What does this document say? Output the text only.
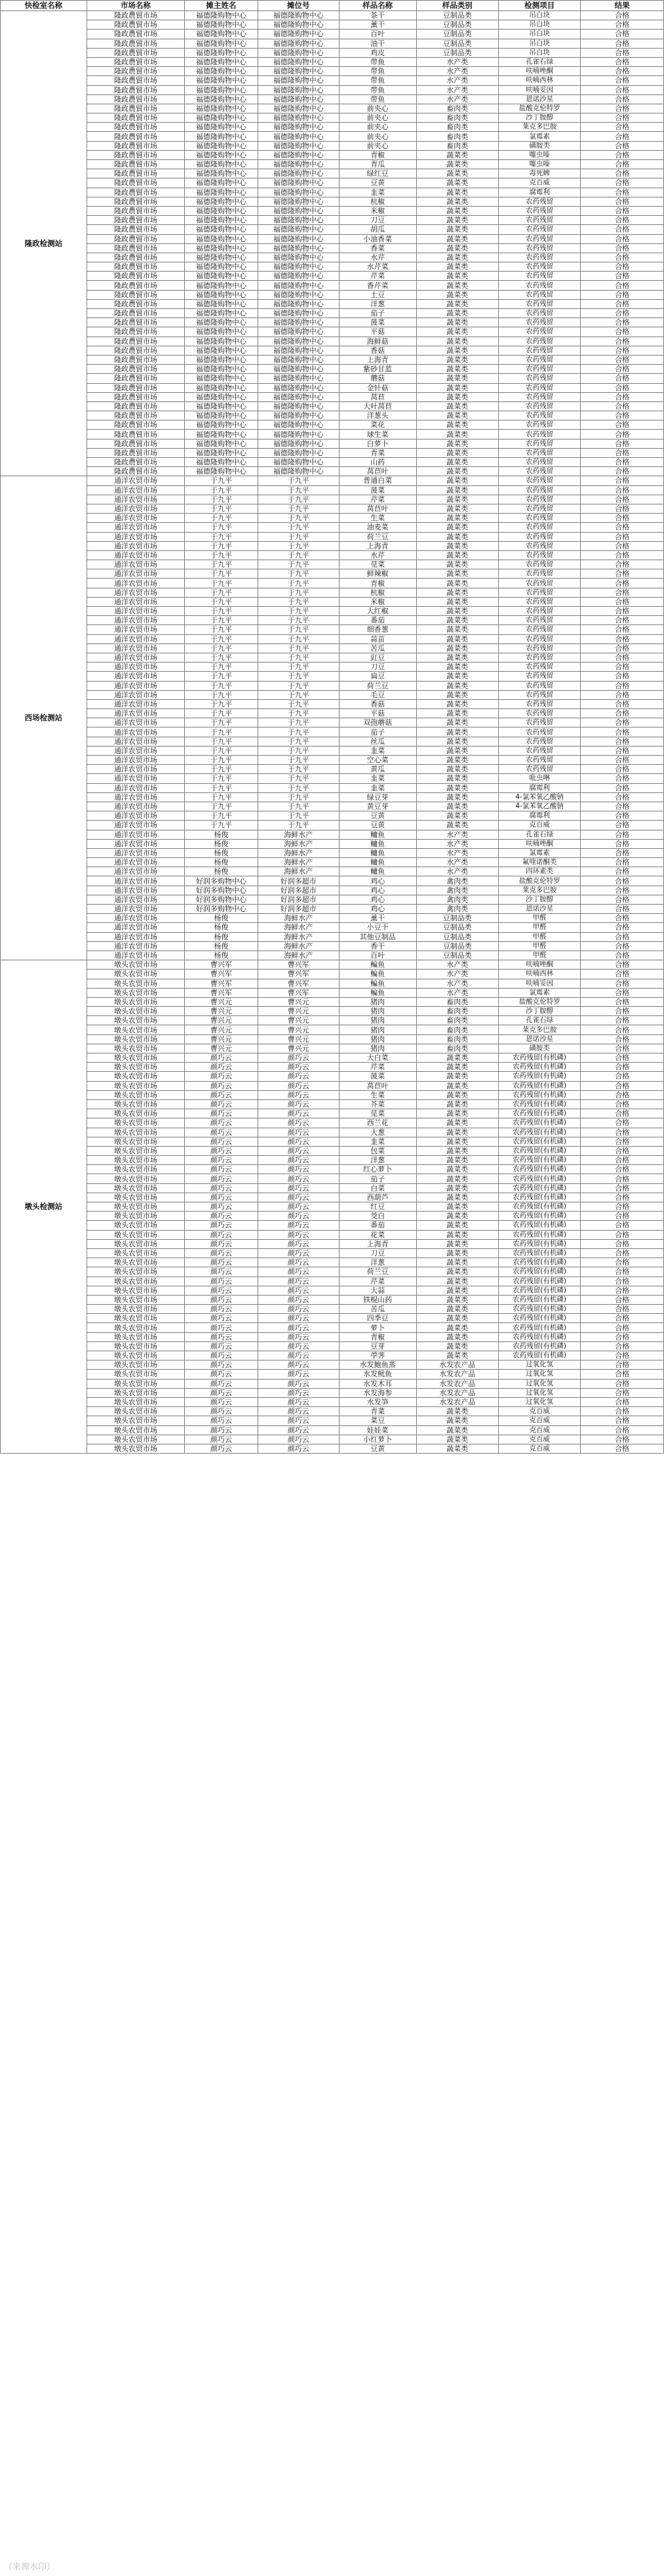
快检室名称	市场名称	摊主姓名	摊位号	样品名称	样品类别	检测项目	结果
隆政检测站	隆政農貿市场	福德隆购物中心	福德隆购物中心	茶干	豆制品类	吊白块	合格
	隆政農貿市场	福德隆购物中心	福德隆购物中心	薰干	豆制品类	吊白块	合格
	隆政農貿市场	福德隆购物中心	福德隆购物中心	百叶	豆制品类	吊白块	合格
	隆政農貿市场	福德隆购物中心	福德隆购物中心	油干	豆制品类	吊白块	合格
	隆政農貿市场	福德隆购物中心	福德隆购物中心	鸡皮	豆制品类	吊白块	合格
	隆政農貿市场	福德隆购物中心	福德隆购物中心	带鱼	水产类	孔雀石绿	合格
	隆政農貿市场	福德隆购物中心	福德隆购物中心	带鱼	水产类	呋喃唑酮	合格
	隆政農貿市场	福德隆购物中心	福德隆购物中心	带鱼	水产类	呋喃西林	合格
	隆政農貿市场	福德隆购物中心	福德隆购物中心	带鱼	水产类	呋喃妥因	合格
	隆政農貿市场	福德隆购物中心	福德隆购物中心	带鱼	水产类	恩诺沙星	合格
	隆政農貿市场	福德隆购物中心	福德隆购物中心	前夹心	畜肉类	盐酸克伦特罗	合格
	隆政農貿市场	福德隆购物中心	福德隆购物中心	前夹心	畜肉类	沙丁胺醇	合格
	隆政農貿市场	福德隆购物中心	福德隆购物中心	前夹心	畜肉类	莱克多巴胺	合格
	隆政農貿市场	福德隆购物中心	福德隆购物中心	前夹心	畜肉类	氯霉素	合格
	隆政農貿市场	福德隆购物中心	福德隆购物中心	前夹心	畜肉类	磺胺类	合格
	隆政農貿市场	福德隆购物中心	福德隆购物中心	青椒	蔬菜类	噻虫嗪	合格
	隆政農貿市场	福德隆购物中心	福德隆购物中心	青瓜	蔬菜类	噻虫嗪	合格
	隆政農貿市场	福德隆购物中心	福德隆购物中心	绿红豆	蔬菜类	毒死蜱	合格
	隆政農貿市场	福德隆购物中心	福德隆购物中心	豆黄	蔬菜类	克百威	合格
	隆政農貿市场	福德隆购物中心	福德隆购物中心	韭菜	蔬菜类	腐霉利	合格
	隆政農貿市场	福德隆购物中心	福德隆购物中心	杭椒	蔬菜类	农药残留	合格
	隆政農貿市场	福德隆购物中心	福德隆购物中心	米椒	蔬菜类	农药残留	合格
	隆政農貿市场	福德隆购物中心	福德隆购物中心	刀豆	蔬菜类	农药残留	合格
	隆政農貿市场	福德隆购物中心	福德隆购物中心	胡瓜	蔬菜类	农药残留	合格
	隆政農貿市场	福德隆购物中心	福德隆购物中心	小油香菜	蔬菜类	农药残留	合格
	隆政農貿市场	福德隆购物中心	福德隆购物中心	香菜	蔬菜类	农药残留	合格
	隆政農貿市场	福德隆购物中心	福德隆购物中心	水芹	蔬菜类	农药残留	合格
	隆政農貿市场	福德隆购物中心	福德隆购物中心	水芹菜	蔬菜类	农药残留	合格
	隆政農貿市场	福德隆购物中心	福德隆购物中心	芹菜	蔬菜类	农药残留	合格
	隆政農貿市场	福德隆购物中心	福德隆购物中心	香芹菜	蔬菜类	农药残留	合格
	隆政農貿市场	福德隆购物中心	福德隆购物中心	土豆	蔬菜类	农药残留	合格
	隆政農貿市场	福德隆购物中心	福德隆购物中心	洋葱	蔬菜类	农药残留	合格
	隆政農貿市场	福德隆购物中心	福德隆购物中心	茄子	蔬菜类	农药残留	合格
	隆政農貿市场	福德隆购物中心	福德隆购物中心	菠菜	蔬菜类	农药残留	合格
	隆政農貿市场	福德隆购物中心	福德隆购物中心	平菇	蔬菜类	农药残留	合格
	隆政農貿市场	福德隆购物中心	福德隆购物中心	海鲜菇	蔬菜类	农药残留	合格
	隆政農貿市场	福德隆购物中心	福德隆购物中心	香菇	蔬菜类	农药残留	合格
	隆政農貿市场	福德隆购物中心	福德隆购物中心	上海青	蔬菜类	农药残留	合格
	隆政農貿市场	福德隆购物中心	福德隆购物中心	紫砂甘蓝	蔬菜类	农药残留	合格
	隆政農貿市场	福德隆购物中心	福德隆购物中心	蘑菇	蔬菜类	农药残留	合格
	隆政農貿市场	福德隆购物中心	福德隆购物中心	金针菇	蔬菜类	农药残留	合格
	隆政農貿市场	福德隆购物中心	福德隆购物中心	莴苣	蔬菜类	农药残留	合格
	隆政農貿市场	福德隆购物中心	福德隆购物中心	大叶莴苣	蔬菜类	农药残留	合格
	隆政農貿市场	福德隆购物中心	福德隆购物中心	洋葱头	蔬菜类	农药残留	合格
	隆政農貿市场	福德隆购物中心	福德隆购物中心	菜花	蔬菜类	农药残留	合格
	隆政農貿市场	福德隆购物中心	福德隆购物中心	球生菜	蔬菜类	农药残留	合格
	隆政農貿市场	福德隆购物中心	福德隆购物中心	白萝卜	蔬菜类	农药残留	合格
	隆政農貿市场	福德隆购物中心	福德隆购物中心	青菜	蔬菜类	农药残留	合格
	隆政農貿市场	福德隆购物中心	福德隆购物中心	山药	蔬菜类	农药残留	合格
	隆政農貿市场	福德隆购物中心	福德隆购物中心	莴苣叶	蔬菜类	农药残留	合格
西场检测站	通洋农贸市场	于九平	于九平	普通白菜	蔬菜类	农药残留	合格
	通洋农贸市场	于九平	于九平	菠菜	蔬菜类	农药残留	合格
	通洋农贸市场	于九平	于九平	芹菜	蔬菜类	农药残留	合格
	通洋农贸市场	于九平	于九平	莴苣叶	蔬菜类	农药残留	合格
	通洋农贸市场	于九平	于九平	生菜	蔬菜类	农药残留	合格
	通洋农贸市场	于九平	于九平	油麦菜	蔬菜类	农药残留	合格
	通洋农贸市场	于九平	于九平	荷兰豆	蔬菜类	农药残留	合格
	通洋农贸市场	于九平	于九平	上海青	蔬菜类	农药残留	合格
	通洋农贸市场	于九平	于九平	水芹	蔬菜类	农药残留	合格
	通洋农贸市场	于九平	于九平	苋菜	蔬菜类	农药残留	合格
	通洋农贸市场	于九平	于九平	鲜辣椒	蔬菜类	农药残留	合格
	通洋农贸市场	于九平	于九平	青椒	蔬菜类	农药残留	合格
	通洋农贸市场	于九平	于九平	杭椒	蔬菜类	农药残留	合格
	通洋农贸市场	于九平	于九平	米椒	蔬菜类	农药残留	合格
	通洋农贸市场	于九平	于九平	大红椒	蔬菜类	农药残留	合格
	通洋农贸市场	于九平	于九平	番茄	蔬菜类	农药残留	合格
	通洋农贸市场	于九平	于九平	细香葱	蔬菜类	农药残留	合格
	通洋农贸市场	于九平	于九平	蒜苗	蔬菜类	农药残留	合格
	通洋农贸市场	于九平	于九平	苦瓜	蔬菜类	农药残留	合格
	通洋农贸市场	于九平	于九平	豇豆	蔬菜类	农药残留	合格
	通洋农贸市场	于九平	于九平	刀豆	蔬菜类	农药残留	合格
	通洋农贸市场	于九平	于九平	扁豆	蔬菜类	农药残留	合格
	通洋农贸市场	于九平	于九平	荷兰豆	蔬菜类	农药残留	合格
	通洋农贸市场	于九平	于九平	毛豆	蔬菜类	农药残留	合格
	通洋农贸市场	于九平	于九平	香菇	蔬菜类	农药残留	合格
	通洋农贸市场	于九平	于九平	平菇	蔬菜类	农药残留	合格
	通洋农贸市场	于九平	于九平	双孢蘑菇	蔬菜类	农药残留	合格
	通洋农贸市场	于九平	于九平	茄子	蔬菜类	农药残留	合格
	通洋农贸市场	于九平	于九平	丝瓜	蔬菜类	农药残留	合格
	通洋农贸市场	于九平	于九平	韭菜	蔬菜类	农药残留	合格
	通洋农贸市场	于九平	于九平	空心菜	蔬菜类	农药残留	合格
	通洋农贸市场	于九平	于九平	黄瓜	蔬菜类	农药残留	合格
	通洋农贸市场	于九平	于九平	韭菜	蔬菜类	吡虫啉	合格
	通洋农贸市场	于九平	于九平	韭菜	蔬菜类	腐霉利	合格
	通洋农贸市场	于九平	于九平	绿豆芽	蔬菜类	4-氯苯氧乙酸钠	合格
	通洋农贸市场	于九平	于九平	黄豆芽	蔬菜类	4-氯苯氧乙酸钠	合格
	通洋农贸市场	于九平	于九平	豆黄	蔬菜类	腐霉利	合格
	通洋农贸市场	于九平	于九平	豆黄	蔬菜类	克百威	合格
	通洋农贸市场	杨俊	海鲜水产	鳙鱼	水产类	孔雀石绿	合格
	通洋农贸市场	杨俊	海鲜水产	鳙鱼	水产类	呋喃唑酮	合格
	通洋农贸市场	杨俊	海鲜水产	鳙鱼	水产类	氯霉素	合格
	通洋农贸市场	杨俊	海鲜水产	鳙鱼	水产类	氟喹诺酮类	合格
	通洋农贸市场	杨俊	海鲜水产	鳙鱼	水产类	四环素类	合格
	通洋农贸市场	好润多购物中心	好润多超市	鸡心	禽肉类	盐酸克伦特罗	合格
	通洋农贸市场	好润多购物中心	好润多超市	鸡心	禽肉类	莱克多巴胺	合格
	通洋农贸市场	好润多购物中心	好润多超市	鸡心	禽肉类	沙丁胺醇	合格
	通洋农贸市场	好润多购物中心	好润多超市	鸡心	禽肉类	恩诺沙星	合格
	通洋农贸市场	杨俊	海鲜水产	薰干	豆制品类	甲醛	合格
	通洋农贸市场	杨俊	海鲜水产	小豆干	豆制品类	甲醛	合格
	通洋农贸市场	杨俊	海鲜水产	其他豆制品	豆制品类	甲醛	合格
	通洋农贸市场	杨俊	海鲜水产	香干	豆制品类	甲醛	合格
	通洋农贸市场	杨俊	海鲜水产	百叶	豆制品类	甲醛	合格
墩头检测站	墩头农贸市场	曹兴军	曹兴军	鳊鱼	水产类	呋喃唑酮	合格
	墩头农贸市场	曹兴军	曹兴军	鳊鱼	水产类	呋喃西林	合格
	墩头农贸市场	曹兴军	曹兴军	鳊鱼	水产类	呋喃妥因	合格
	墩头农贸市场	曹兴军	曹兴军	鳊鱼	水产类	氯霉素	合格
	墩头农贸市场	曹兴元	曹兴元	猪肉	畜肉类	盐酸克伦特罗	合格
	墩头农贸市场	曹兴元	曹兴元	猪肉	畜肉类	沙丁胺醇	合格
	墩头农贸市场	曹兴元	曹兴元	猪肉	畜肉类	孔雀石绿	合格
	墩头农贸市场	曹兴元	曹兴元	猪肉	畜肉类	莱克多巴胺	合格
	墩头农贸市场	曹兴元	曹兴元	猪肉	畜肉类	恩诺沙星	合格
	墩头农贸市场	曹兴元	曹兴元	猪肉	畜肉类	磺胺类	合格
	墩头农贸市场	颜巧云	颜巧云	大白菜	蔬菜类	农药残留(有机磷)	合格
	墩头农贸市场	颜巧云	颜巧云	芹菜	蔬菜类	农药残留(有机磷)	合格
	墩头农贸市场	颜巧云	颜巧云	菠菜	蔬菜类	农药残留(有机磷)	合格
	墩头农贸市场	颜巧云	颜巧云	莴苣叶	蔬菜类	农药残留(有机磷)	合格
	墩头农贸市场	颜巧云	颜巧云	生菜	蔬菜类	农药残留(有机磷)	合格
	墩头农贸市场	颜巧云	颜巧云	芥菜	蔬菜类	农药残留(有机磷)	合格
	墩头农贸市场	颜巧云	颜巧云	苋菜	蔬菜类	农药残留(有机磷)	合格
	墩头农贸市场	颜巧云	颜巧云	西兰花	蔬菜类	农药残留(有机磷)	合格
	墩头农贸市场	颜巧云	颜巧云	大葱	蔬菜类	农药残留(有机磷)	合格
	墩头农贸市场	颜巧云	颜巧云	韭菜	蔬菜类	农药残留(有机磷)	合格
	墩头农贸市场	颜巧云	颜巧云	包菜	蔬菜类	农药残留(有机磷)	合格
	墩头农贸市场	颜巧云	颜巧云	洋葱	蔬菜类	农药残留(有机磷)	合格
	墩头农贸市场	颜巧云	颜巧云	红心萝卜	蔬菜类	农药残留(有机磷)	合格
	墩头农贸市场	颜巧云	颜巧云	茄子	蔬菜类	农药残留(有机磷)	合格
	墩头农贸市场	颜巧云	颜巧云	白菜	蔬菜类	农药残留(有机磷)	合格
	墩头农贸市场	颜巧云	颜巧云	西葫芦	蔬菜类	农药残留(有机磷)	合格
	墩头农贸市场	颜巧云	颜巧云	红豆	蔬菜类	农药残留(有机磷)	合格
	墩头农贸市场	颜巧云	颜巧云	茭白	蔬菜类	农药残留(有机磷)	合格
	墩头农贸市场	颜巧云	颜巧云	番茄	蔬菜类	农药残留(有机磷)	合格
	墩头农贸市场	颜巧云	颜巧云	花菜	蔬菜类	农药残留(有机磷)	合格
	墩头农贸市场	颜巧云	颜巧云	上海青	蔬菜类	农药残留(有机磷)	合格
	墩头农贸市场	颜巧云	颜巧云	刀豆	蔬菜类	农药残留(有机磷)	合格
	墩头农贸市场	颜巧云	颜巧云	洋葱	蔬菜类	农药残留(有机磷)	合格
	墩头农贸市场	颜巧云	颜巧云	荷兰豆	蔬菜类	农药残留(有机磷)	合格
	墩头农贸市场	颜巧云	颜巧云	芹菜	蔬菜类	农药残留(有机磷)	合格
	墩头农贸市场	颜巧云	颜巧云	大蒜	蔬菜类	农药残留(有机磷)	合格
	墩头农贸市场	颜巧云	颜巧云	铁棍山药	蔬菜类	农药残留(有机磷)	合格
	墩头农贸市场	颜巧云	颜巧云	苦瓜	蔬菜类	农药残留(有机磷)	合格
	墩头农贸市场	颜巧云	颜巧云	四季豆	蔬菜类	农药残留(有机磷)	合格
	墩头农贸市场	颜巧云	颜巧云	萝卜	蔬菜类	农药残留(有机磷)	合格
	墩头农贸市场	颜巧云	颜巧云	青椒	蔬菜类	农药残留(有机磷)	合格
	墩头农贸市场	颜巧云	颜巧云	豆芽	蔬菜类	农药残留(有机磷)	合格
	墩头农贸市场	颜巧云	颜巧云	荸荠	蔬菜类	农药残留(有机磷)	合格
	墩头农贸市场	颜巧云	颜巧云	水发鲍鱼蒸	水发农产品	过氧化氢	合格
	墩头农贸市场	颜巧云	颜巧云	水发鱿鱼	水发农产品	过氧化氢	合格
	墩头农贸市场	颜巧云	颜巧云	水发木耳	水发农产品	过氧化氢	合格
	墩头农贸市场	颜巧云	颜巧云	水发海参	水发农产品	过氧化氢	合格
	墩头农贸市场	颜巧云	颜巧云	水发笋	水发农产品	过氧化氢	合格
	墩头农贸市场	颜巧云	颜巧云	青菜	蔬菜类	克百威	合格
	墩头农贸市场	颜巧云	颜巧云	菜豆	蔬菜类	克百威	合格
	墩头农贸市场	颜巧云	颜巧云	娃娃菜	蔬菜类	克百威	合格
	墩头农贸市场	颜巧云	颜巧云	小红萝卜	蔬菜类	克百威	合格
	墩头农贸市场	颜巧云	颜巧云	豆黄	蔬菜类	克百威	合格
（来源水印）
